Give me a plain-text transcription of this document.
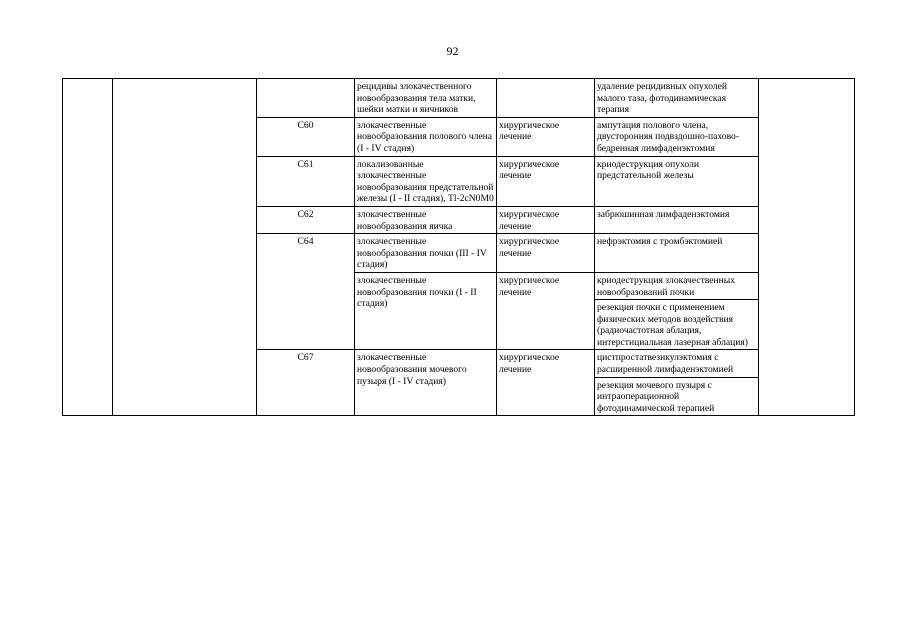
92
			рецидивы злокачественного новообразования тела матки, шейки матки и яичников		удаление рецидивных опухолей малого таза, фотодинамическая терапия	
		C60	злокачественные новообразования полового члена (I - IV стадия)	хирургическое лечение	ампутация полового члена, двусторонняя подвздошно-пахово-бедренная лимфаденэктомия	
		C61	локализованные злокачественные новообразования предстательной железы (I - II стадия), Tl-2cN0M0	хирургическое лечение	криодеструкция опухоли предстательной железы	
		C62	злокачественные новообразования яичка	хирургическое лечение	забрюшинная лимфаденэктомия	
		C64	злокачественные новообразования почки (III - IV стадия)	хирургическое лечение	нефрэктомия с тромбэктомией	
			злокачественные новообразования почки (I - II стадия)	хирургическое лечение	криодеструкция злокачественных новообразований почки	
					резекция почки с применением физических методов воздействия (радиочастотная аблация, интерстициальная лазерная аблация)	
		C67	злокачественные новообразования мочевого пузыря (I - IV стадия)	хирургическое лечение	цистпростатвезикулэктомия с расширенной лимфаденэктомией	
					резекция мочевого пузыря с интраоперационной фотодинамической терапией	
